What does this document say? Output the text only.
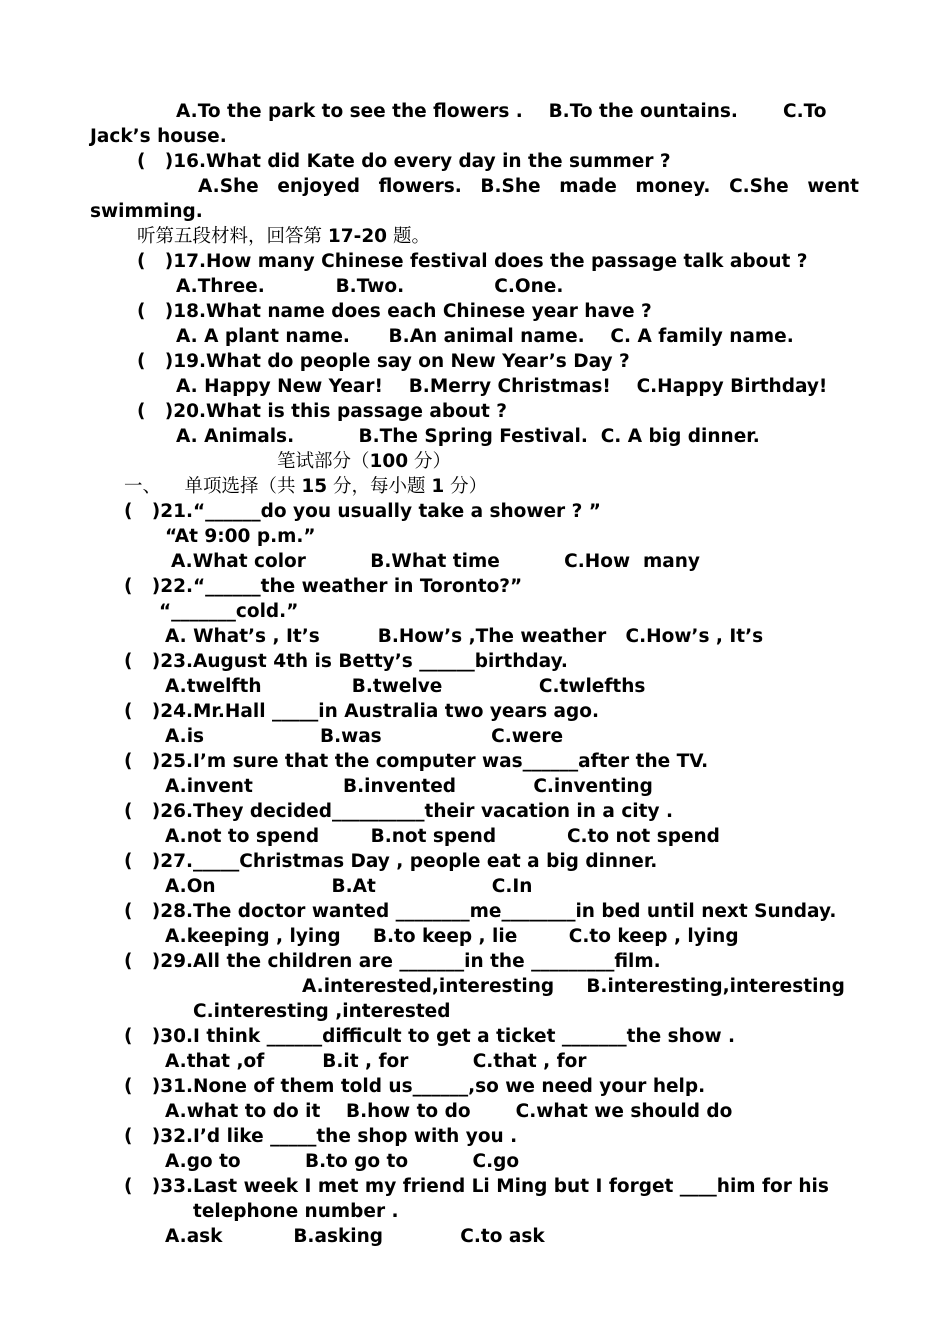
A.To the park to see the flowers .    B.To the ountains.       C.To
Jack’s house.
(   )16.What did Kate do every day in the summer ?
A.She enjoyed flowers. B.She made money. C.She went
swimming.
听第五段材料，回答第 17-20 题。
(   )17.How many Chinese festival does the passage talk about ?
A.Three.           B.Two.              C.One.
(   )18.What name does each Chinese year have ?
A. A plant name.      B.An animal name.    C. A family name.
(   )19.What do people say on New Year’s Day ?
A. Happy New Year!    B.Merry Christmas!    C.Happy Birthday!
(   )20.What is this passage about ?
A. Animals.          B.The Spring Festival.  C. A big dinner.
笔试部分（100 分）
一、    单项选择（共 15 分，每小题 1 分）
(   )21.“______do you usually take a shower ? ”
“At 9:00 p.m.”
A.What color          B.What time          C.How  many
(   )22.“______the weather in Toronto?”
“_______cold.”
A. What’s , It’s         B.How’s ,The weather   C.How’s , It’s
(   )23.August 4th is Betty’s ______birthday.
A.twelfth              B.twelve               C.twlefths
(   )24.Mr.Hall _____in Australia two years ago.
A.is                  B.was                 C.were
(   )25.I’m sure that the computer was______after the TV.
A.invent              B.invented            C.inventing
(   )26.They decided__________their vacation in a city .
A.not to spend        B.not spend           C.to not spend
(   )27._____Christmas Day , people eat a big dinner.
A.On                  B.At                  C.In
(   )28.The doctor wanted ________me________in bed until next Sunday.
A.keeping , lying     B.to keep , lie        C.to keep , lying
(   )29.All the children are _______in the _________film.
A.interested,interesting     B.interesting,interesting
C.interesting ,interested
(   )30.I think ______difficult to get a ticket _______the show .
A.that ,of         B.it , for          C.that , for
(   )31.None of them told us______,so we need your help.
A.what to do it    B.how to do       C.what we should do
(   )32.I’d like _____the shop with you .
A.go to          B.to go to          C.go
(   )33.Last week I met my friend Li Ming but I forget ____him for his
telephone number .
A.ask           B.asking            C.to ask
